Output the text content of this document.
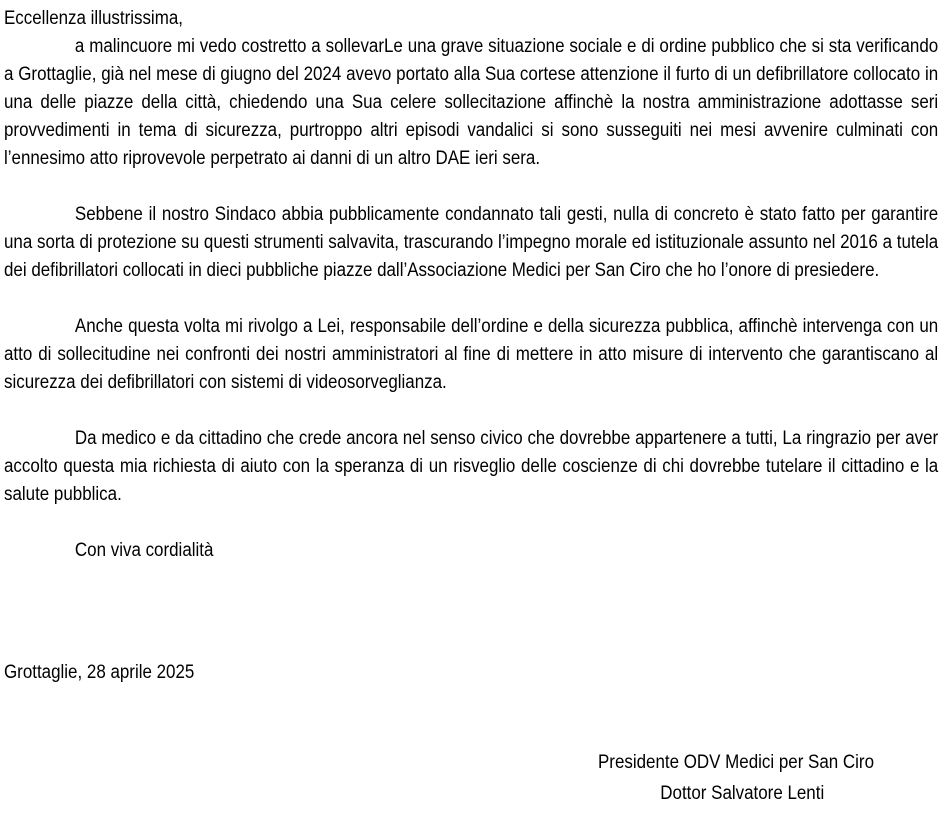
Eccellenza illustrissima,

a malincuore mi vedo costretto a sollevarLe una grave situazione sociale e di ordine pubblico che si sta verificando a Grottaglie, già nel mese di giugno del 2024 avevo portato alla Sua cortese attenzione il furto di un defibrillatore collocato in una delle piazze della città, chiedendo una Sua celere sollecitazione affinchè la nostra amministrazione adottasse seri provvedimenti in tema di sicurezza, purtroppo altri episodi vandalici si sono susseguiti nei mesi avvenire culminati con l’ennesimo atto riprovevole perpetrato ai danni di un altro DAE ieri sera.

Sebbene il nostro Sindaco abbia pubblicamente condannato tali gesti, nulla di concreto è stato fatto per garantire una sorta di protezione su questi strumenti salvavita, trascurando l’impegno morale ed istituzionale assunto nel 2016 a tutela dei defibrillatori collocati in dieci pubbliche piazze dall’Associazione Medici per San Ciro che ho l’onore di presiedere.

Anche questa volta mi rivolgo a Lei, responsabile dell’ordine e della sicurezza pubblica, affinchè intervenga con un atto di sollecitudine nei confronti dei nostri amministratori al fine di mettere in atto misure di intervento che garantiscano al sicurezza dei defibrillatori con sistemi di videosorveglianza.

Da medico e da cittadino che crede ancora nel senso civico che dovrebbe appartenere a tutti, La ringrazio per aver accolto questa mia richiesta di aiuto con la speranza di un risveglio delle coscienze di chi dovrebbe tutelare il cittadino e la salute pubblica.

Con viva cordialità

Grottaglie, 28 aprile 2025
Presidente ODV Medici per San Ciro
Dottor Salvatore Lenti
